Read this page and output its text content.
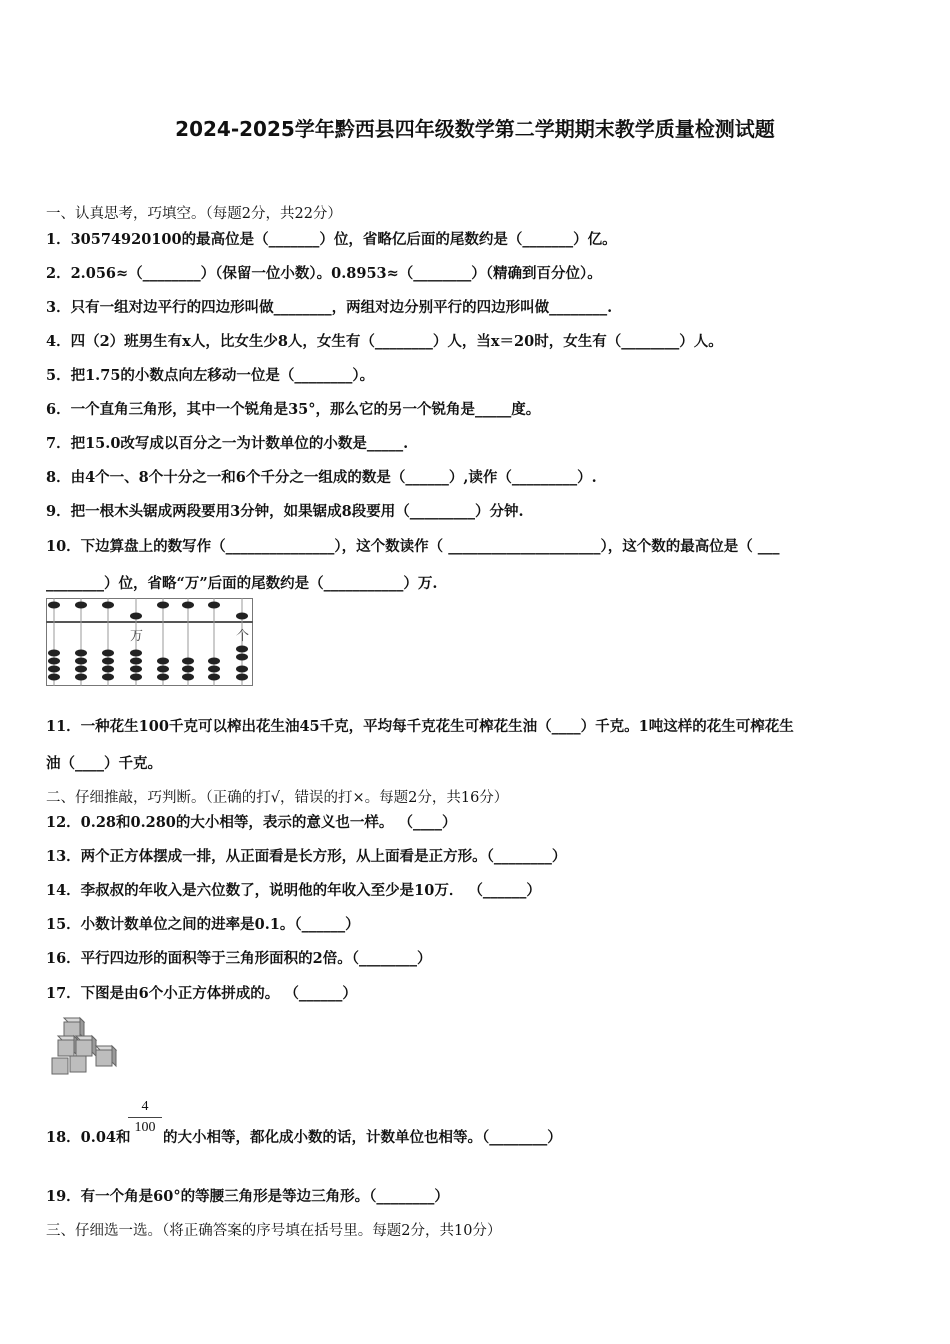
2024-2025学年黔西县四年级数学第二学期期末教学质量检测试题
一、认真思考，巧填空。（每题2分，共22分）
1．30574920100的最高位是（_______）位，省略亿后面的尾数约是（_______）亿。
2．2.056≈（________）（保留一位小数）。0.8953≈（________）（精确到百分位）。
3．只有一组对边平行的四边形叫做________，两组对边分别平行的四边形叫做________.
4．四（2）班男生有x人，比女生少8人，女生有（________）人，当x＝20时，女生有（________）人。
5．把1.75的小数点向左移动一位是（________）。
6．一个直角三角形，其中一个锐角是35°，那么它的另一个锐角是_____度。
7．把15.0改写成以百分之一为计数单位的小数是_____.
8．由4个一、8个十分之一和6个千分之一组成的数是（______）,读作（_________）.
9．把一根木头锯成两段要用3分钟，如果锯成8段要用（_________）分钟.
10．下边算盘上的数写作（_______________），这个数读作（ _____________________），这个数的最高位是（ ___
________）位，省略“万”后面的尾数约是（___________）万.
万	个
11．一种花生100千克可以榨出花生油45千克，平均每千克花生可榨花生油（____）千克。1吨这样的花生可榨花生
油（____）千克。
二、仔细推敲，巧判断。（正确的打√，错误的打×。每题2分，共16分）
12．0.28和0.280的大小相等，表示的意义也一样。 （____）
13．两个正方体摆成一排，从正面看是长方形，从上面看是正方形。（________）
14．李叔叔的年收入是六位数了，说明他的年收入至少是10万． （______）
15．小数计数单位之间的进率是0.1。（______）
16．平行四边形的面积等于三角形面积的2倍。（________）
17．下图是由6个小正方体拼成的。 （______）
$\frac{4}{100}$
18．0.04和 的大小相等，都化成小数的话，计数单位也相等。（________）
19．有一个角是60°的等腰三角形是等边三角形。（________）
三、仔细选一选。（将正确答案的序号填在括号里。每题2分，共10分）
